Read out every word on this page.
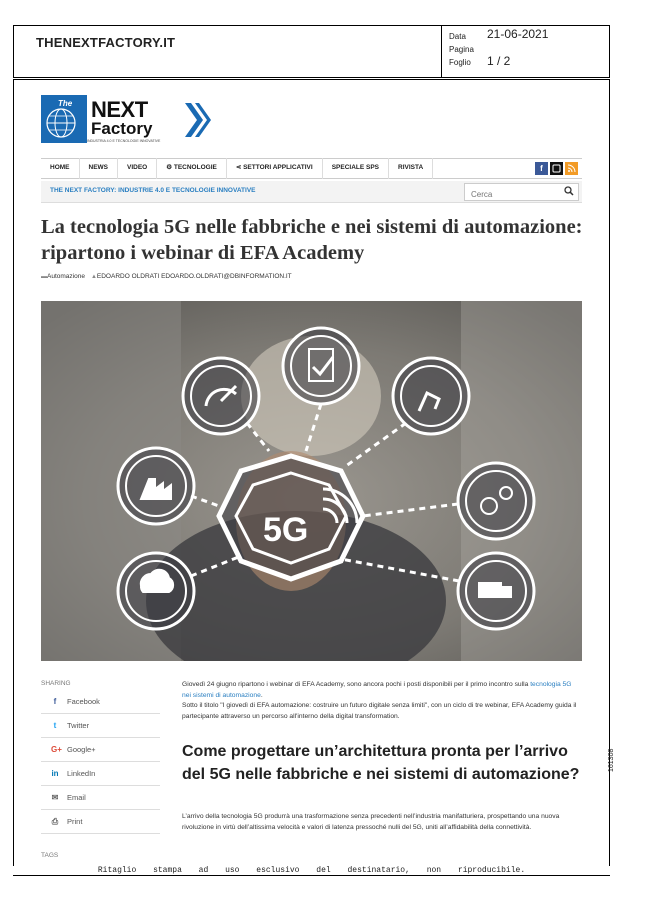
THENEXTFACTORY.IT	Data 21-06-2021
Pagina
Foglio 1 / 2
The NEXT
Factory
INDUSTRIA 4.0 E TECNOLOGIE INNOVATIVE
HOME	NEWS	VIDEO	⚙ TECNOLOGIE	⋖ SETTORI APPLICATIVI	SPECIALE SPS	RIVISTA	f
THE NEXT FACTORY: INDUSTRIE 4.0 E TECNOLOGIE INNOVATIVE
Cerca
La tecnologia 5G nelle fabbriche e nei sistemi di automazione: ripartono i webinar di EFA Academy
▬Automazione ▲EDOARDO OLDRATI EDOARDO.OLDRATI@DBINFORMATION.IT
5G
SHARING
f	Facebook
t	Twitter
G+ Google+
in LinkedIn
✉ Email
⎙ Print
TAGS

Giovedì 24 giugno ripartono i webinar di EFA Academy, sono ancora pochi i posti disponibili per il primo incontro sulla tecnologia 5G nei sistemi di automazione.

Sotto il titolo "I giovedì di EFA automazione: costruire un futuro digitale senza limiti", con un ciclo di tre webinar, EFA Academy guida il partecipante attraverso un percorso all'interno della digital transformation.

Come progettare un’architettura pronta per l’arrivo del 5G nelle fabbriche e nei sistemi di automazione?

L’arrivo della tecnologia 5G produrrà una trasformazione senza precedenti nell’industria manifatturiera, prospettando una nuova rivoluzione in virtù dell’altissima velocità e valori di latenza pressoché nulli del 5G, uniti all’affidabilità della connettività.

Ritaglio stampa ad uso esclusivo del destinatario, non riproducibile.
161308
